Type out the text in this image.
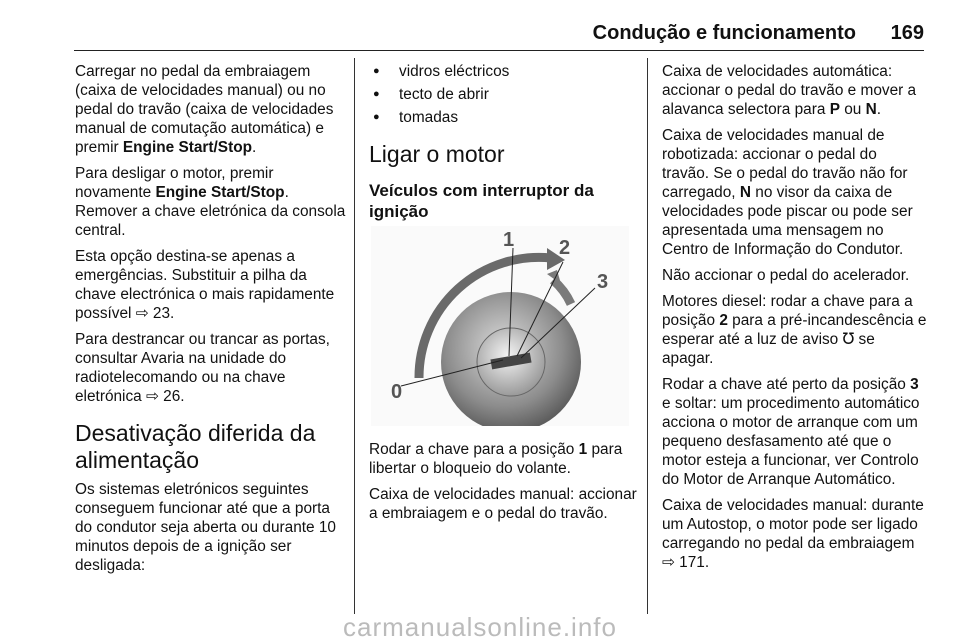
Condução e funcionamento 169

Carregar no pedal da embraiagem (caixa de velocidades manual) ou no pedal do travão (caixa de velocidades manual de comutação automática) e premir Engine Start/Stop.

Para desligar o motor, premir novamente Engine Start/Stop. Remover a chave eletrónica da consola central.

Esta opção destina-se apenas a emergências. Substituir a pilha da chave electrónica o mais rapidamente possível ⇨ 23.

Para destrancar ou trancar as portas, consultar Avaria na unidade do radiotelecomando ou na chave eletrónica ⇨ 26.

Desativação diferida da alimentação

Os sistemas eletrónicos seguintes conseguem funcionar até que a porta do condutor seja aberta ou durante 10 minutos depois de a ignição ser desligada:

● vidros eléctricos
● tecto de abrir
● tomadas
Ligar o motor
Veículos com interruptor da ignição
0
1 2
3

Rodar a chave para a posição 1 para libertar o bloqueio do volante.

Caixa de velocidades manual: accionar a embraiagem e o pedal do travão.

Caixa de velocidades automática: accionar o pedal do travão e mover a alavanca selectora para P ou N.

Caixa de velocidades manual de robotizada: accionar o pedal do travão. Se o pedal do travão não for carregado, N no visor da caixa de velocidades pode piscar ou pode ser apresentada uma mensagem no Centro de Informação do Condutor.

Não accionar o pedal do acelerador.

Motores diesel: rodar a chave para a posição 2 para a pré-incandescência e esperar até a luz de aviso ℧ se apagar.

Rodar a chave até perto da posição 3 e soltar: um procedimento automático acciona o motor de arranque com um pequeno desfasamento até que o motor esteja a funcionar, ver Controlo do Motor de Arranque Automático.

Caixa de velocidades manual: durante um Autostop, o motor pode ser ligado carregando no pedal da embraiagem ⇨ 171.

carmanualsonline.info
